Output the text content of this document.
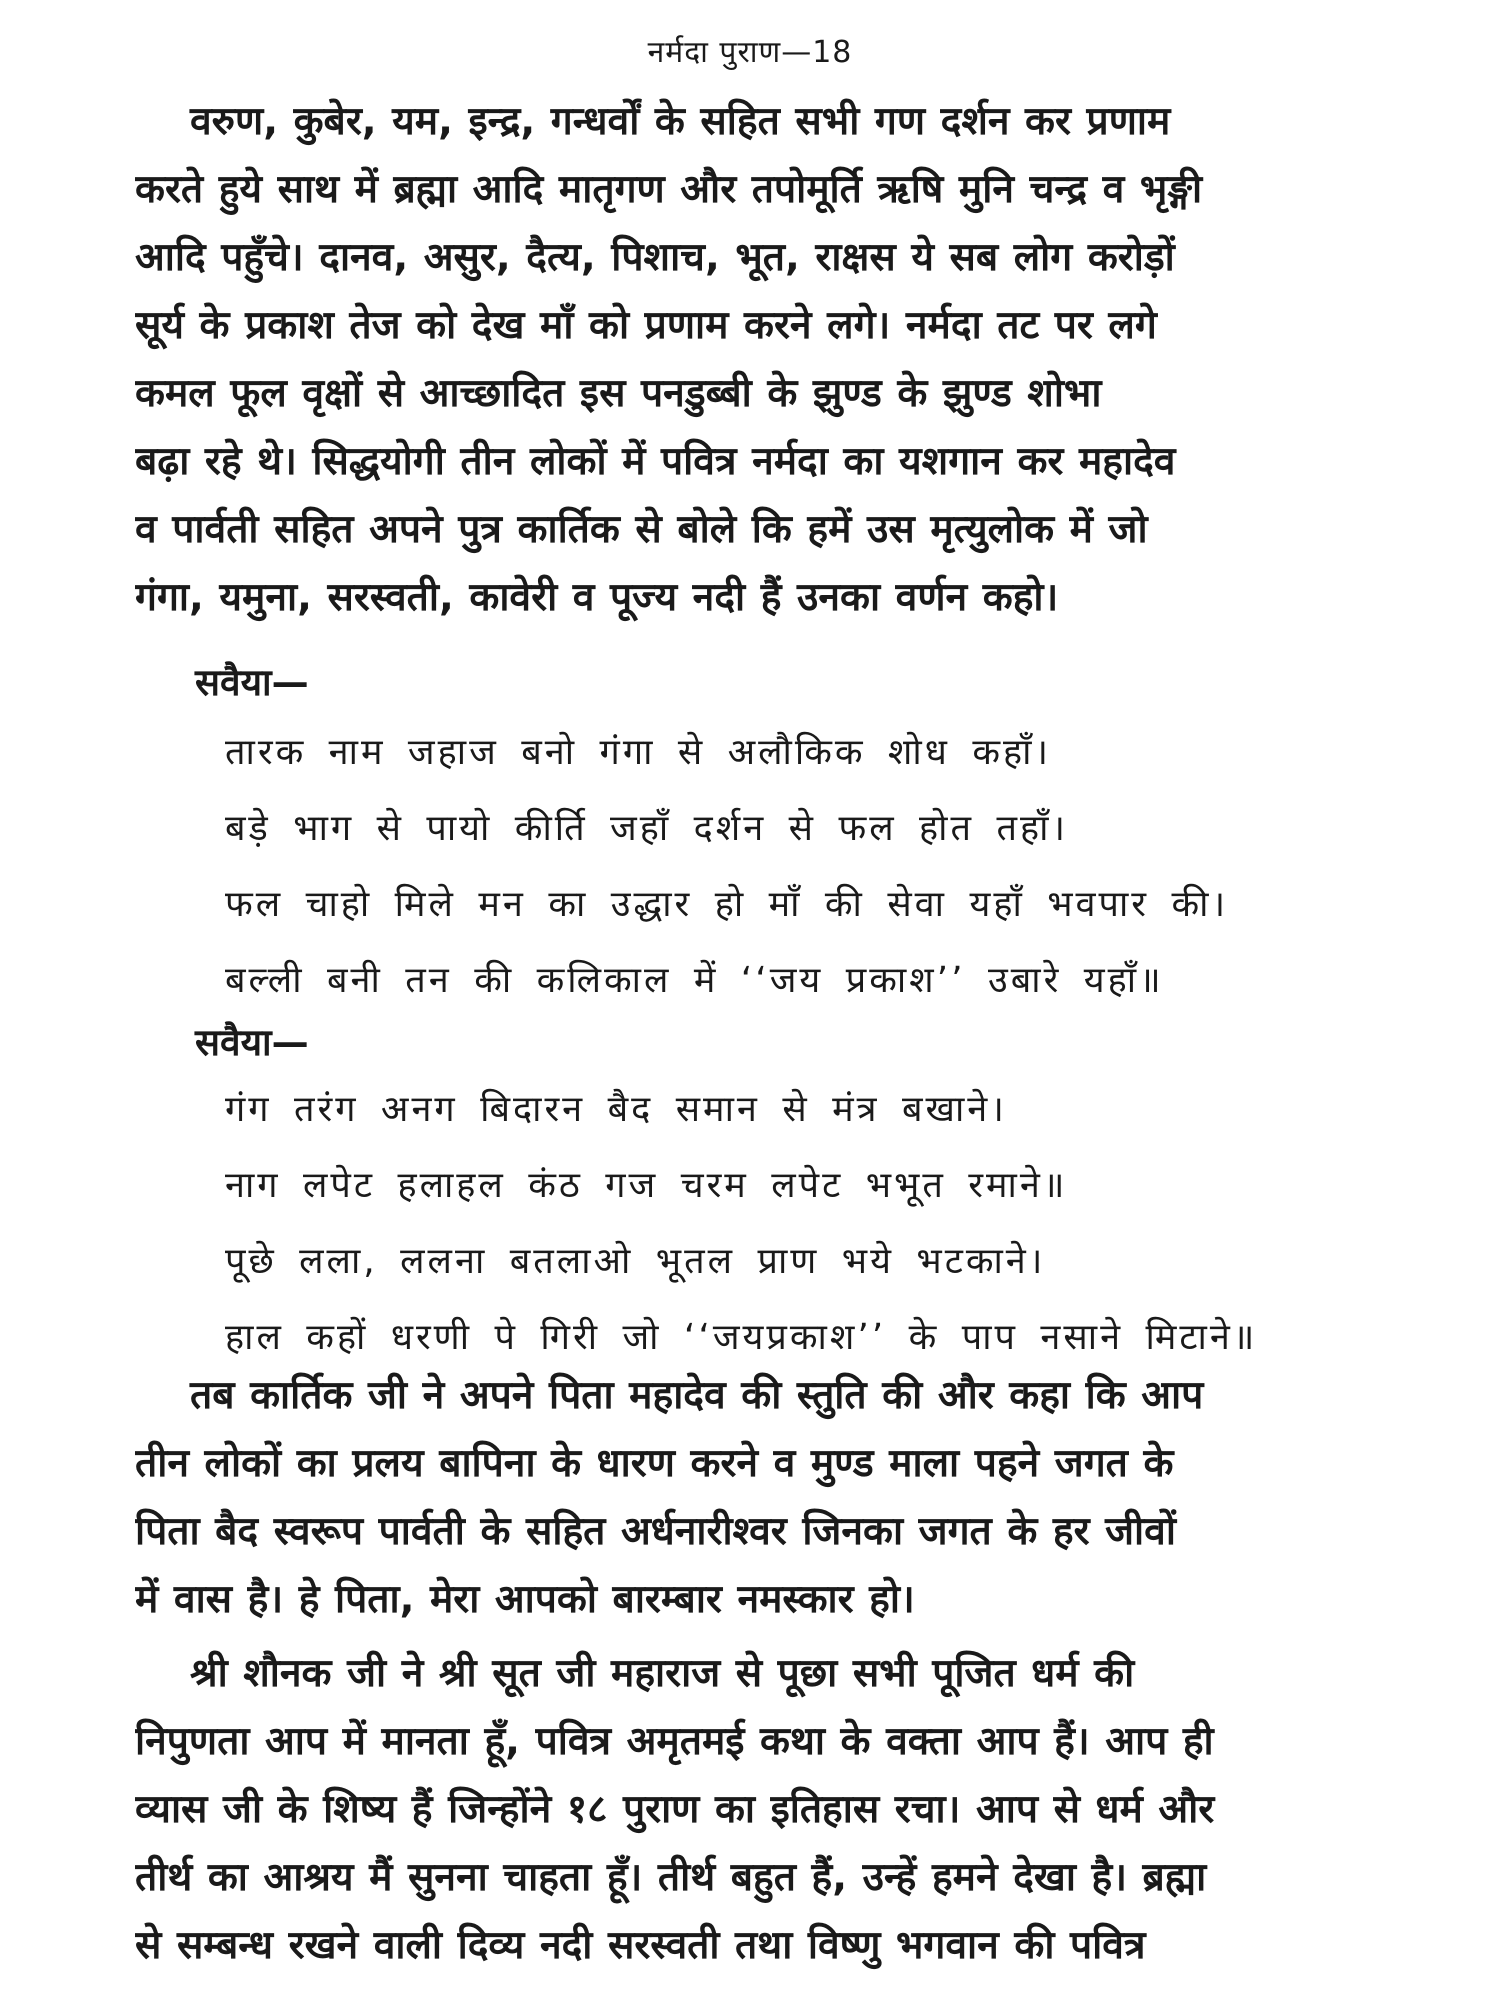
नर्मदा पुराण—18
वरुण, कुबेर, यम, इन्द्र, गन्धर्वों के सहित सभी गण दर्शन कर प्रणाम
करते हुये साथ में ब्रह्मा आदि मातृगण और तपोमूर्ति ऋषि मुनि चन्द्र व भृङ्गी
आदि पहुँचे। दानव, असुर, दैत्य, पिशाच, भूत, राक्षस ये सब लोग करोड़ों
सूर्य के प्रकाश तेज को देख माँ को प्रणाम करने लगे। नर्मदा तट पर लगे
कमल फूल वृक्षों से आच्छादित इस पनडुब्बी के झुण्ड के झुण्ड शोभा
बढ़ा रहे थे। सिद्धयोगी तीन लोकों में पवित्र नर्मदा का यशगान कर महादेव
व पार्वती सहित अपने पुत्र कार्तिक से बोले कि हमें उस मृत्युलोक में जो
गंगा, यमुना, सरस्वती, कावेरी व पूज्य नदी हैं उनका वर्णन कहो।
सवैया—
तारक नाम जहाज बनो गंगा से अलौकिक शोध कहाँ।
बड़े भाग से पायो कीर्ति जहाँ दर्शन से फल होत तहाँ।
फल चाहो मिले मन का उद्धार हो माँ की सेवा यहाँ भवपार की।
बल्ली बनी तन की कलिकाल में ‘‘जय प्रकाश’’ उबारे यहाँ॥
सवैया—
गंग तरंग अनग बिदारन बैद समान से मंत्र बखाने।
नाग लपेट हलाहल कंठ गज चरम लपेट भभूत रमाने॥
पूछे लला, ललना बतलाओ भूतल प्राण भये भटकाने।
हाल कहों धरणी पे गिरी जो ‘‘जयप्रकाश’’ के पाप नसाने मिटाने॥
तब कार्तिक जी ने अपने पिता महादेव की स्तुति की और कहा कि आप
तीन लोकों का प्रलय बापिना के धारण करने व मुण्ड माला पहने जगत के
पिता बैद स्वरूप पार्वती के सहित अर्धनारीश्वर जिनका जगत के हर जीवों
में वास है। हे पिता, मेरा आपको बारम्बार नमस्कार हो।
श्री शौनक जी ने श्री सूत जी महाराज से पूछा सभी पूजित धर्म की
निपुणता आप में मानता हूँ, पवित्र अमृतमई कथा के वक्ता आप हैं। आप ही
व्यास जी के शिष्य हैं जिन्होंने १८ पुराण का इतिहास रचा। आप से धर्म और
तीर्थ का आश्रय मैं सुनना चाहता हूँ। तीर्थ बहुत हैं, उन्हें हमने देखा है। ब्रह्मा
से सम्बन्ध रखने वाली दिव्य नदी सरस्वती तथा विष्णु भगवान की पवित्र
